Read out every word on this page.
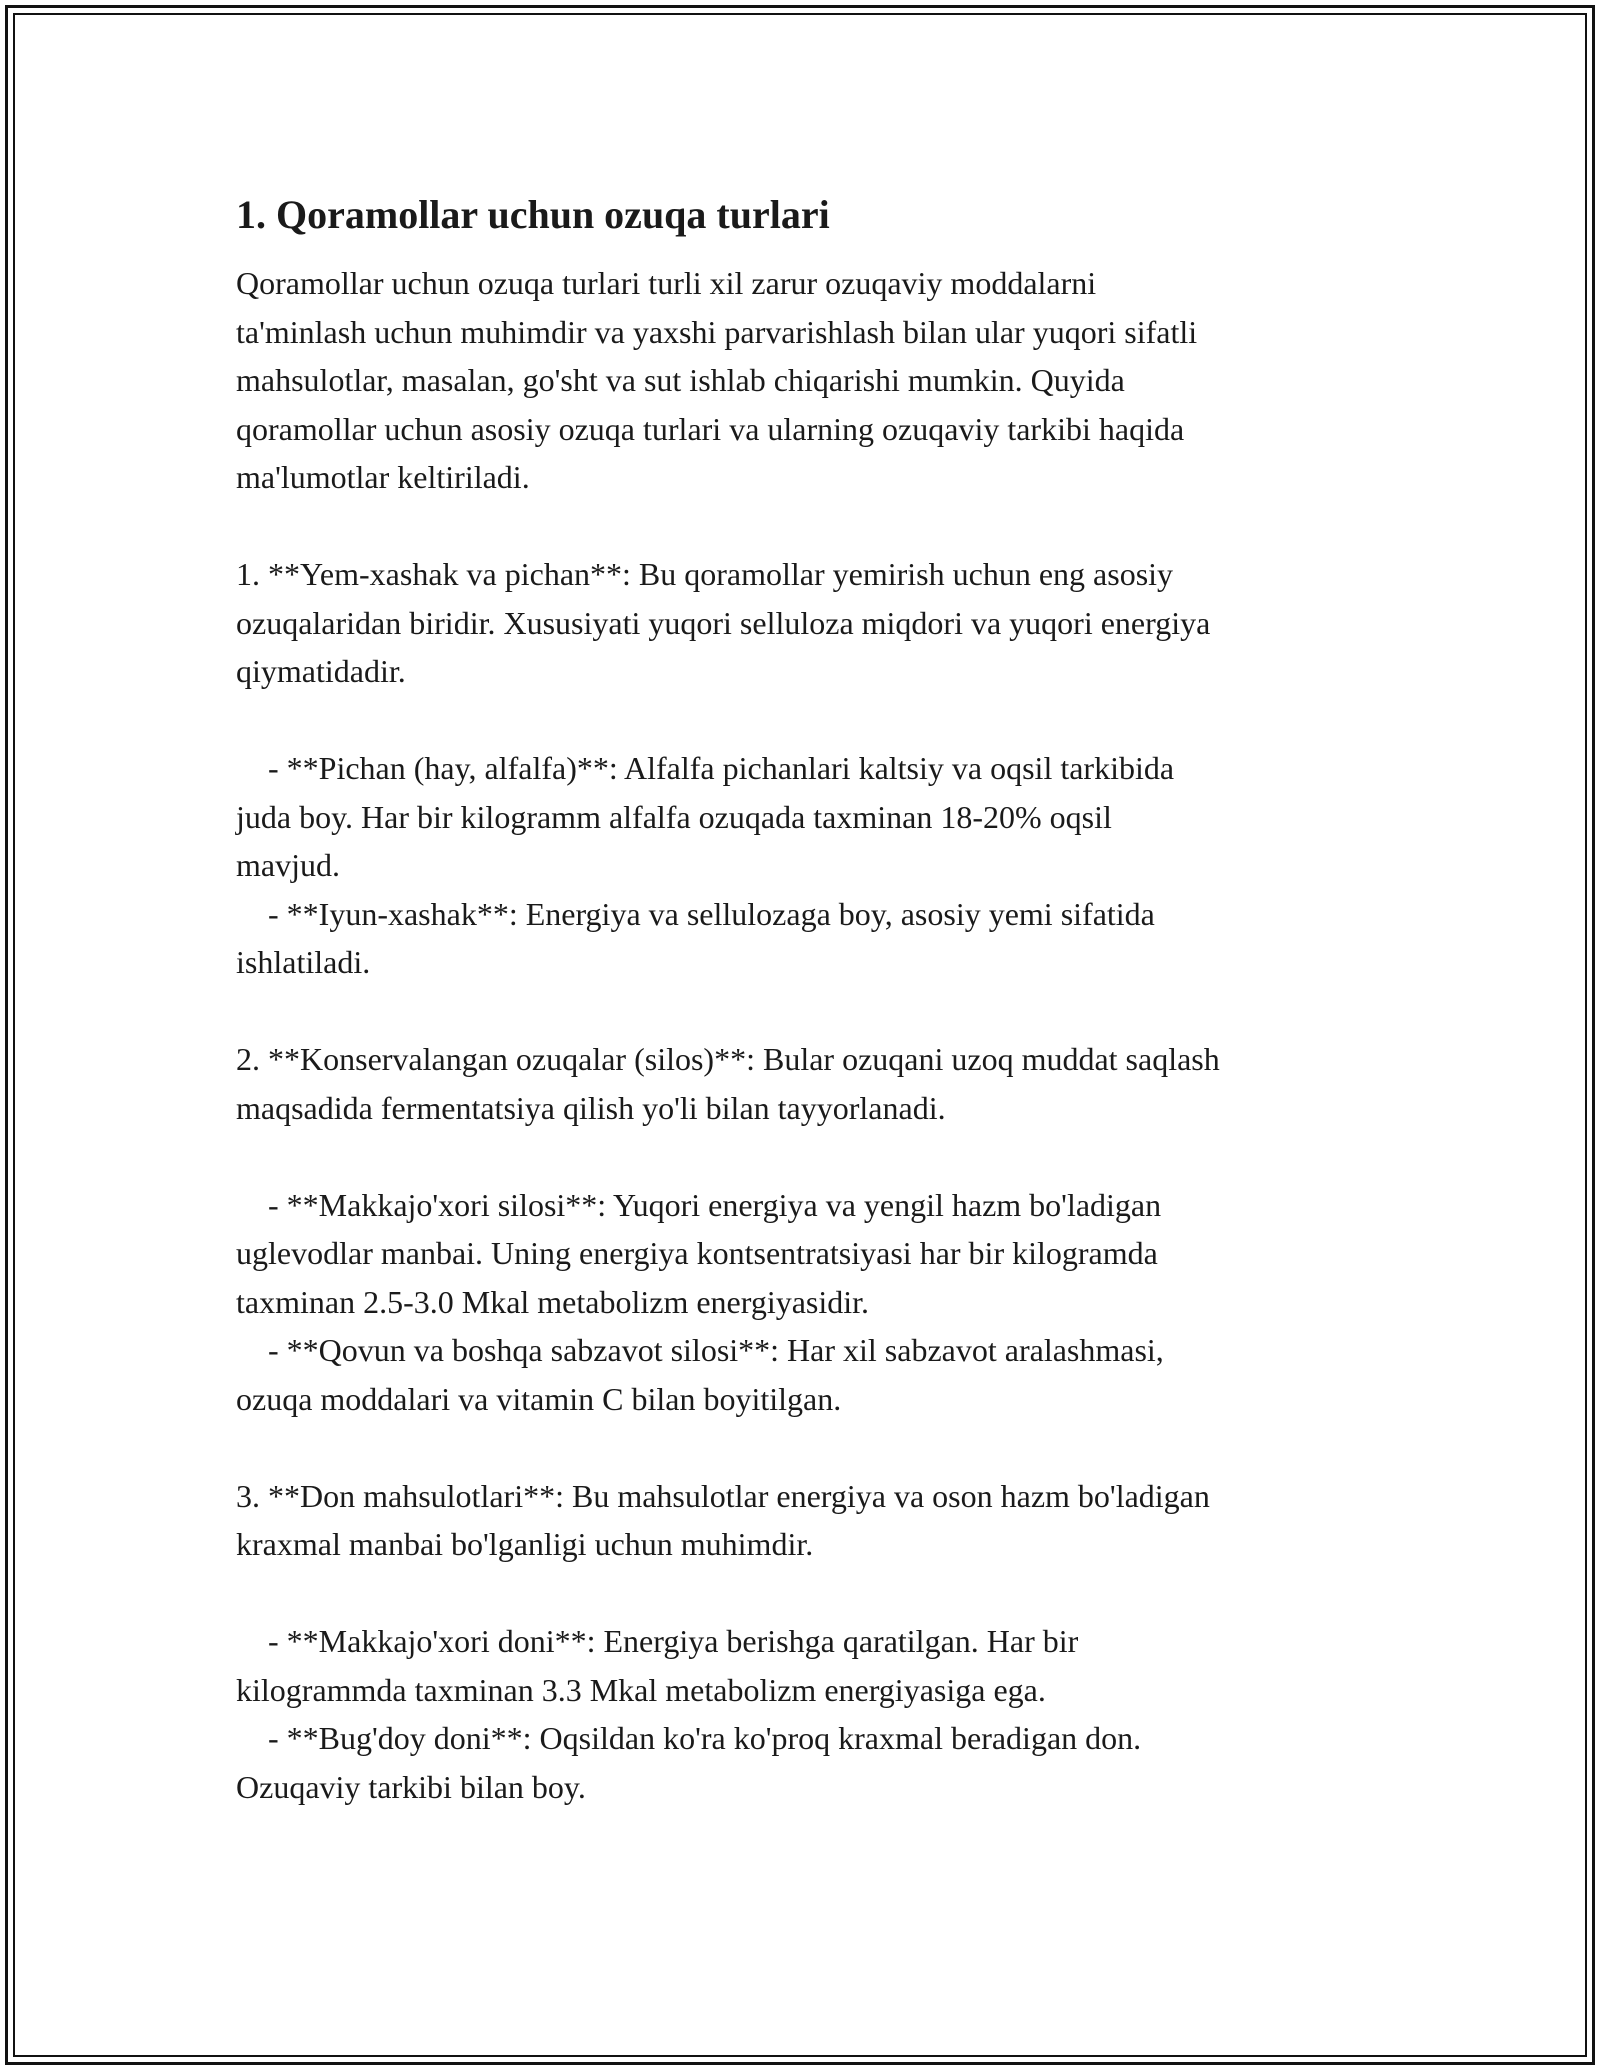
1. Qoramollar uchun ozuqa turlari

Qoramollar uchun ozuqa turlari turli xil zarur ozuqaviy moddalarni
ta'minlash uchun muhimdir va yaxshi parvarishlash bilan ular yuqori sifatli
mahsulotlar, masalan, go'sht va sut ishlab chiqarishi mumkin. Quyida
qoramollar uchun asosiy ozuqa turlari va ularning ozuqaviy tarkibi haqida
ma'lumotlar keltiriladi.

1. **Yem-xashak va pichan**: Bu qoramollar yemirish uchun eng asosiy
ozuqalaridan biridir. Xususiyati yuqori selluloza miqdori va yuqori energiya
qiymatidadir.

- **Pichan (hay, alfalfa)**: Alfalfa pichanlari kaltsiy va oqsil tarkibida
juda boy. Har bir kilogramm alfalfa ozuqada taxminan 18-20% oqsil
mavjud.
- **Iyun-xashak**: Energiya va sellulozaga boy, asosiy yemi sifatida
ishlatiladi.

2. **Konservalangan ozuqalar (silos)**: Bular ozuqani uzoq muddat saqlash
maqsadida fermentatsiya qilish yo'li bilan tayyorlanadi.

- **Makkajo'xori silosi**: Yuqori energiya va yengil hazm bo'ladigan
uglevodlar manbai. Uning energiya kontsentratsiyasi har bir kilogramda
taxminan 2.5-3.0 Mkal metabolizm energiyasidir.
- **Qovun va boshqa sabzavot silosi**: Har xil sabzavot aralashmasi,
ozuqa moddalari va vitamin C bilan boyitilgan.

3. **Don mahsulotlari**: Bu mahsulotlar energiya va oson hazm bo'ladigan
kraxmal manbai bo'lganligi uchun muhimdir.

- **Makkajo'xori doni**: Energiya berishga qaratilgan. Har bir
kilogrammda taxminan 3.3 Mkal metabolizm energiyasiga ega.
- **Bug'doy doni**: Oqsildan ko'ra ko'proq kraxmal beradigan don.
Ozuqaviy tarkibi bilan boy.
